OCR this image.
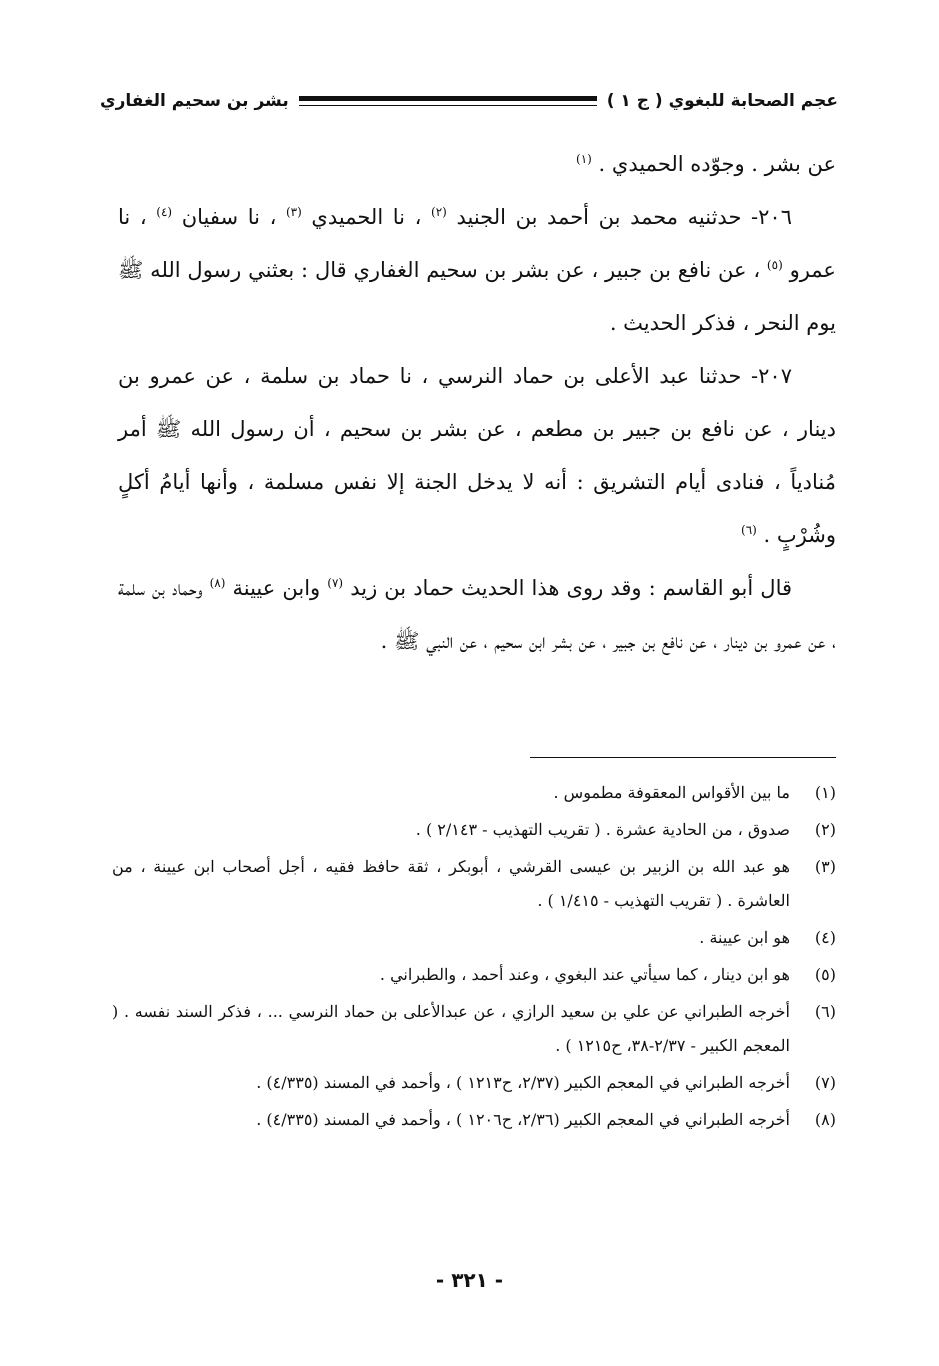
عجم الصحابة للبغوي ( ج ١ )
بشر بن سحيم الغفاري

عن بشر . وجوّده الحميدي . $^{(١)}$

٢٠٦- حدثنيه محمد بن أحمد بن الجنيد $^{(٢)}$ ، نا الحميدي $^{(٣)}$ ، نا سفيان $^{(٤)}$ ، نا عمرو $^{(٥)}$ ، عن نافع بن جبير ، عن بشر بن سحيم الغفاري قال : بعثني رسول الله ﷺ يوم النحر ، فذكر الحديث .

٢٠٧- حدثنا عبد الأعلى بن حماد النرسي ، نا حماد بن سلمة ، عن عمرو بن دينار ، عن نافع بن جبير بن مطعم ، عن بشر بن سحيم ، أن رسول الله ﷺ أمر مُنادياً ، فنادى أيام التشريق : أنه لا يدخل الجنة إلا نفس مسلمة ، وأنها أيامُ أكلٍ وشُرْبٍ . $^{(٦)}$

قال أبو القاسم : وقد روى هذا الحديث حماد بن زيد $^{(٧)}$ وابن عيينة $^{(٨)}$ وحماد بن سلمة ، عن عمرو بن دينار ، عن نافع بن جبير ، عن بشر ابن سحيم ، عن النبي ﷺ .

(١)
ما بين الأقواس المعقوفة مطموس .
(٢)
صدوق ، من الحادية عشرة . ( تقريب التهذيب - ٢/١٤٣ ) .
(٣)
هو عبد الله بن الزبير بن عيسى القرشي ، أبوبكر ، ثقة حافظ فقيه ، أجل أصحاب ابن عيينة ، من العاشرة . ( تقريب التهذيب - ١/٤١٥ ) .
(٤)
هو ابن عيينة .
(٥)
هو ابن دينار ، كما سيأتي عند البغوي ، وعند أحمد ، والطبراني .
(٦)
أخرجه الطبراني عن علي بن سعيد الرازي ، عن عبدالأعلى بن حماد النرسي ... ، فذكر السند نفسه . ( المعجم الكبير - ٢/٣٧-٣٨، ح١٢١٥ ) .
(٧)
أخرجه الطبراني في المعجم الكبير (٢/٣٧، ح١٢١٣ ) ، وأحمد في المسند (٤/٣٣٥) .
(٨)
أخرجه الطبراني في المعجم الكبير (٢/٣٦، ح١٢٠٦ ) ، وأحمد في المسند (٤/٣٣٥) .
- ٣٢١ -
